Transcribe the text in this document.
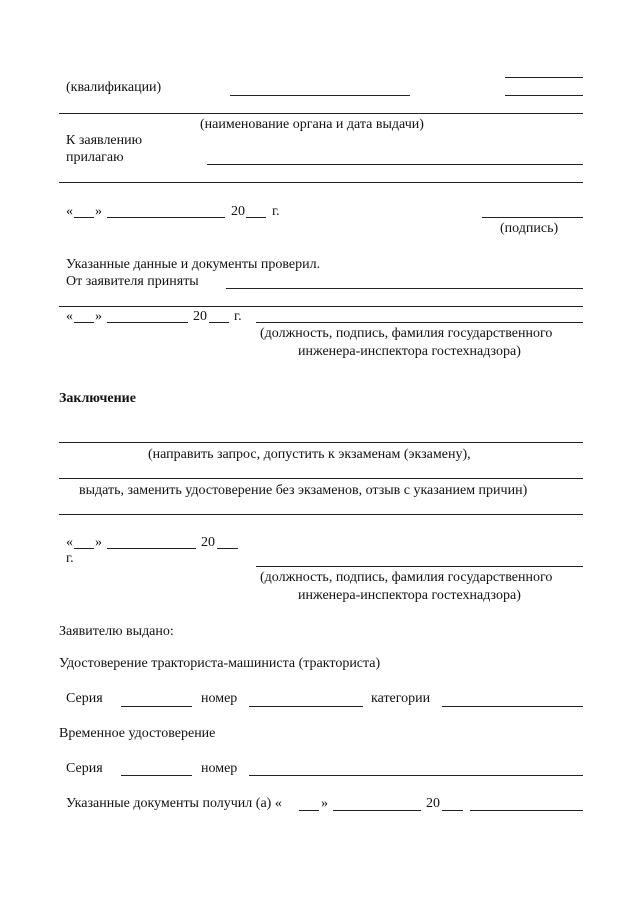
(квалификации)
(наименование органа и дата выдачи)
К заявлению
прилагаю
« »	20 г.
(подпись)
Указанные данные и документы проверил.
От заявителя приняты
« »	20 г.
(должность, подпись, фамилия государственного
инженера-инспектора гостехнадзора)
Заключение
(направить запрос, допустить к экзаменам (экзамену),
выдать, заменить удостоверение без экзаменов, отзыв с указанием причин)
« »	20
г.
(должность, подпись, фамилия государственного
инженера-инспектора гостехнадзора)
Заявителю выдано:
Удостоверение тракториста-машиниста (тракториста)
Серия	номер	категории
Временное удостоверение
Серия	номер
Указанные документы получил (а) «	»	20
